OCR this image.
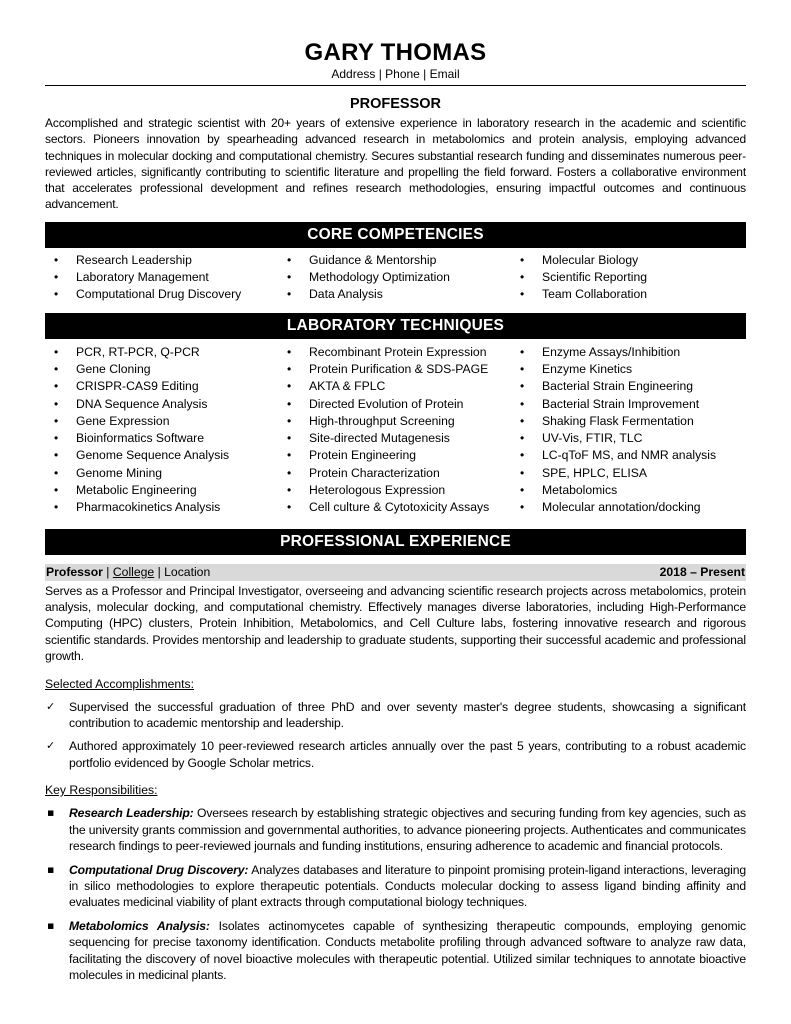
GARY THOMAS
Address | Phone | Email
PROFESSOR
Accomplished and strategic scientist with 20+ years of extensive experience in laboratory research in the academic and scientific sectors. Pioneers innovation by spearheading advanced research in metabolomics and protein analysis, employing advanced techniques in molecular docking and computational chemistry. Secures substantial research funding and disseminates numerous peer-reviewed articles, significantly contributing to scientific literature and propelling the field forward. Fosters a collaborative environment that accelerates professional development and refines research methodologies, ensuring impactful outcomes and continuous advancement.
CORE COMPETENCIES
• Research Leadership
• Laboratory Management
• Computational Drug Discovery
• Guidance & Mentorship
• Methodology Optimization
• Data Analysis
• Molecular Biology
• Scientific Reporting
• Team Collaboration
LABORATORY TECHNIQUES
• PCR, RT-PCR, Q-PCR
• Gene Cloning
• CRISPR-CAS9 Editing
• DNA Sequence Analysis
• Gene Expression
• Bioinformatics Software
• Genome Sequence Analysis
• Genome Mining
• Metabolic Engineering
• Pharmacokinetics Analysis
• Recombinant Protein Expression
• Protein Purification & SDS-PAGE
• AKTA & FPLC
• Directed Evolution of Protein
• High-throughput Screening
• Site-directed Mutagenesis
• Protein Engineering
• Protein Characterization
• Heterologous Expression
• Cell culture & Cytotoxicity Assays
• Enzyme Assays/Inhibition
• Enzyme Kinetics
• Bacterial Strain Engineering
• Bacterial Strain Improvement
• Shaking Flask Fermentation
• UV-Vis, FTIR, TLC
• LC-qToF MS, and NMR analysis
• SPE, HPLC, ELISA
• Metabolomics
• Molecular annotation/docking
PROFESSIONAL EXPERIENCE
Professor | College | Location	2018 – Present
Serves as a Professor and Principal Investigator, overseeing and advancing scientific research projects across metabolomics, protein analysis, molecular docking, and computational chemistry. Effectively manages diverse laboratories, including High-Performance Computing (HPC) clusters, Protein Inhibition, Metabolomics, and Cell Culture labs, fostering innovative research and rigorous scientific standards. Provides mentorship and leadership to graduate students, supporting their successful academic and professional growth.
Selected Accomplishments:
✓ Supervised the successful graduation of three PhD and over seventy master's degree students, showcasing a significant contribution to academic mentorship and leadership.
✓ Authored approximately 10 peer-reviewed research articles annually over the past 5 years, contributing to a robust academic portfolio evidenced by Google Scholar metrics.
Key Responsibilities:
▪ Research Leadership: Oversees research by establishing strategic objectives and securing funding from key agencies, such as the university grants commission and governmental authorities, to advance pioneering projects. Authenticates and communicates research findings to peer-reviewed journals and funding institutions, ensuring adherence to academic and financial protocols.
▪ Computational Drug Discovery: Analyzes databases and literature to pinpoint promising protein-ligand interactions, leveraging in silico methodologies to explore therapeutic potentials. Conducts molecular docking to assess ligand binding affinity and evaluates medicinal viability of plant extracts through computational biology techniques.
▪ Metabolomics Analysis: Isolates actinomycetes capable of synthesizing therapeutic compounds, employing genomic sequencing for precise taxonomy identification. Conducts metabolite profiling through advanced software to analyze raw data, facilitating the discovery of novel bioactive molecules with therapeutic potential. Utilized similar techniques to annotate bioactive molecules in medicinal plants.
